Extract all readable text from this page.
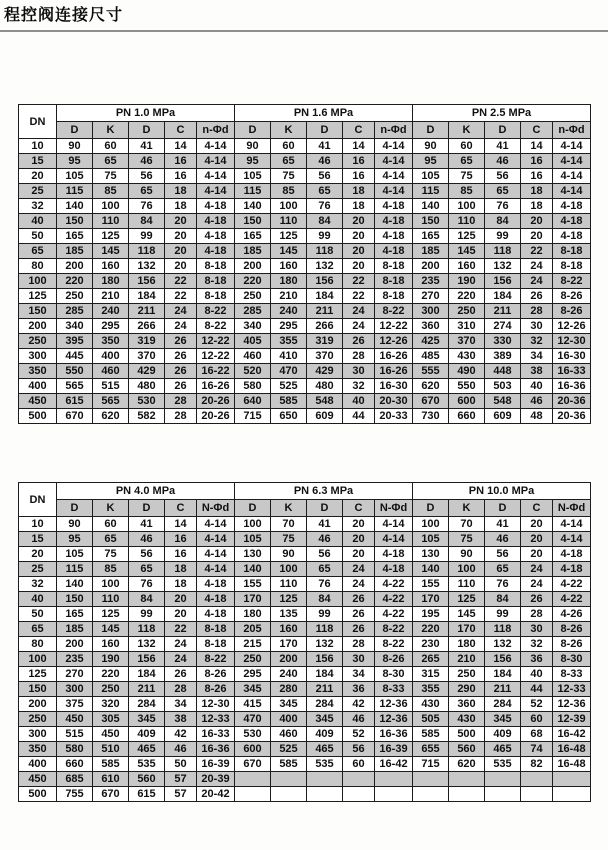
程控阀连接尺寸
DN	PN 1.0 MPa					PN 1.6 MPa					PN 2.5 MPa				
	D	K	D	C	n-Φd	D	K	D	C	n-Φd	D	K	D	C	n-Φd
10	90	60	41	14	4-14	90	60	41	14	4-14	90	60	41	14	4-14
15	95	65	46	16	4-14	95	65	46	16	4-14	95	65	46	16	4-14
20	105	75	56	16	4-14	105	75	56	16	4-14	105	75	56	16	4-14
25	115	85	65	18	4-14	115	85	65	18	4-14	115	85	65	18	4-14
32	140	100	76	18	4-18	140	100	76	18	4-18	140	100	76	18	4-18
40	150	110	84	20	4-18	150	110	84	20	4-18	150	110	84	20	4-18
50	165	125	99	20	4-18	165	125	99	20	4-18	165	125	99	20	4-18
65	185	145	118	20	4-18	185	145	118	20	4-18	185	145	118	22	8-18
80	200	160	132	20	8-18	200	160	132	20	8-18	200	160	132	24	8-18
100	220	180	156	22	8-18	220	180	156	22	8-18	235	190	156	24	8-22
125	250	210	184	22	8-18	250	210	184	22	8-18	270	220	184	26	8-26
150	285	240	211	24	8-22	285	240	211	24	8-22	300	250	211	28	8-26
200	340	295	266	24	8-22	340	295	266	24	12-22	360	310	274	30	12-26
250	395	350	319	26	12-22	405	355	319	26	12-26	425	370	330	32	12-30
300	445	400	370	26	12-22	460	410	370	28	16-26	485	430	389	34	16-30
350	550	460	429	26	16-22	520	470	429	30	16-26	555	490	448	38	16-33
400	565	515	480	26	16-26	580	525	480	32	16-30	620	550	503	40	16-36
450	615	565	530	28	20-26	640	585	548	40	20-30	670	600	548	46	20-36
500	670	620	582	28	20-26	715	650	609	44	20-33	730	660	609	48	20-36
DN	PN 4.0 MPa					PN 6.3 MPa					PN 10.0 MPa				
	D	K	D	C	N-Φd	D	K	D	C	N-Φd	D	K	D	C	N-Φd
10	90	60	41	14	4-14	100	70	41	20	4-14	100	70	41	20	4-14
15	95	65	46	16	4-14	105	75	46	20	4-14	105	75	46	20	4-14
20	105	75	56	16	4-14	130	90	56	20	4-18	130	90	56	20	4-18
25	115	85	65	18	4-14	140	100	65	24	4-18	140	100	65	24	4-18
32	140	100	76	18	4-18	155	110	76	24	4-22	155	110	76	24	4-22
40	150	110	84	20	4-18	170	125	84	26	4-22	170	125	84	26	4-22
50	165	125	99	20	4-18	180	135	99	26	4-22	195	145	99	28	4-26
65	185	145	118	22	8-18	205	160	118	26	8-22	220	170	118	30	8-26
80	200	160	132	24	8-18	215	170	132	28	8-22	230	180	132	32	8-26
100	235	190	156	24	8-22	250	200	156	30	8-26	265	210	156	36	8-30
125	270	220	184	26	8-26	295	240	184	34	8-30	315	250	184	40	8-33
150	300	250	211	28	8-26	345	280	211	36	8-33	355	290	211	44	12-33
200	375	320	284	34	12-30	415	345	284	42	12-36	430	360	284	52	12-36
250	450	305	345	38	12-33	470	400	345	46	12-36	505	430	345	60	12-39
300	515	450	409	42	16-33	530	460	409	52	16-36	585	500	409	68	16-42
350	580	510	465	46	16-36	600	525	465	56	16-39	655	560	465	74	16-48
400	660	585	535	50	16-39	670	585	535	60	16-42	715	620	535	82	16-48
450	685	610	560	57	20-39										
500	755	670	615	57	20-42										
